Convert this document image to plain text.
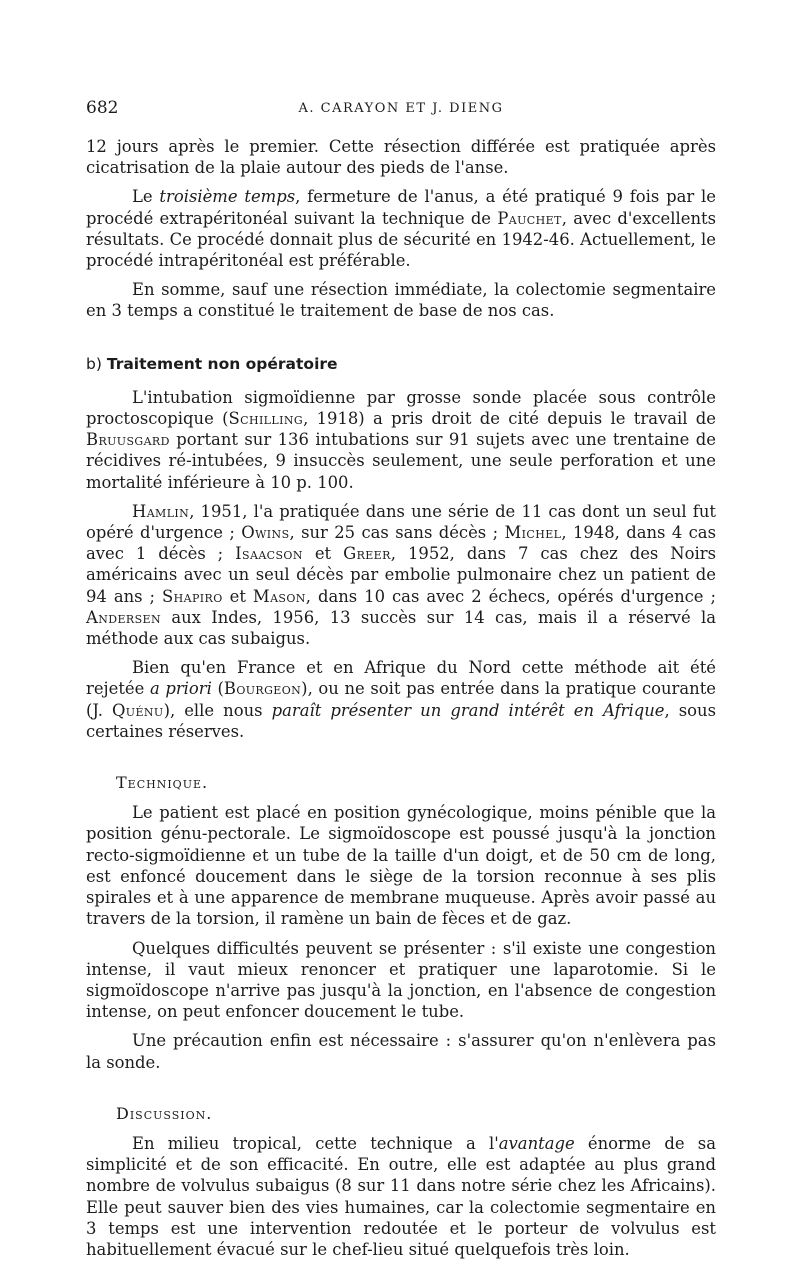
682	A. CARAYON ET J. DIENG

12 jours après le premier. Cette résection différée est pratiquée après cicatrisation de la plaie autour des pieds de l'anse.

Le troisième temps, fermeture de l'anus, a été pratiqué 9 fois par le procédé extrapéritonéal suivant la technique de Pauchet, avec d'excellents résultats. Ce procédé donnait plus de sécurité en 1942-46. Actuellement, le procédé intrapéritonéal est préférable.

En somme, sauf une résection immédiate, la colectomie segmentaire en 3 temps a constitué le traitement de base de nos cas.

b) Traitement non opératoire

L'intubation sigmoïdienne par grosse sonde placée sous contrôle proctoscopique (Schilling, 1918) a pris droit de cité depuis le travail de Bruusgard portant sur 136 intubations sur 91 sujets avec une trentaine de récidives ré-intubées, 9 insuccès seulement, une seule perforation et une mortalité inférieure à 10 p. 100.

Hamlin, 1951, l'a pratiquée dans une série de 11 cas dont un seul fut opéré d'urgence ; Owins, sur 25 cas sans décès ; Michel, 1948, dans 4 cas avec 1 décès ; Isaacson et Greer, 1952, dans 7 cas chez des Noirs américains avec un seul décès par embolie pulmonaire chez un patient de 94 ans ; Shapiro et Mason, dans 10 cas avec 2 échecs, opérés d'urgence ; Andersen aux Indes, 1956, 13 succès sur 14 cas, mais il a réservé la méthode aux cas subaigus.

Bien qu'en France et en Afrique du Nord cette méthode ait été rejetée a priori (Bourgeon), ou ne soit pas entrée dans la pratique courante (J. Quénu), elle nous paraît présenter un grand intérêt en Afrique, sous certaines réserves.

Technique.

Le patient est placé en position gynécologique, moins pénible que la position génu-pectorale. Le sigmoïdoscope est poussé jusqu'à la jonction recto-sigmoïdienne et un tube de la taille d'un doigt, et de 50 cm de long, est enfoncé doucement dans le siège de la torsion reconnue à ses plis spirales et à une apparence de membrane muqueuse. Après avoir passé au travers de la torsion, il ramène un bain de fèces et de gaz.

Quelques difficultés peuvent se présenter : s'il existe une congestion intense, il vaut mieux renoncer et pratiquer une laparotomie. Si le sigmoïdoscope n'arrive pas jusqu'à la jonction, en l'absence de congestion intense, on peut enfoncer doucement le tube.

Une précaution enfin est nécessaire : s'assurer qu'on n'enlèvera pas la sonde.

Discussion.

En milieu tropical, cette technique a l'avantage énorme de sa simplicité et de son efficacité. En outre, elle est adaptée au plus grand nombre de volvulus subaigus (8 sur 11 dans notre série chez les Africains). Elle peut sauver bien des vies humaines, car la colectomie segmentaire en 3 temps est une intervention redoutée et le porteur de volvulus est habituellement évacué sur le chef-lieu situé quelquefois très loin.
